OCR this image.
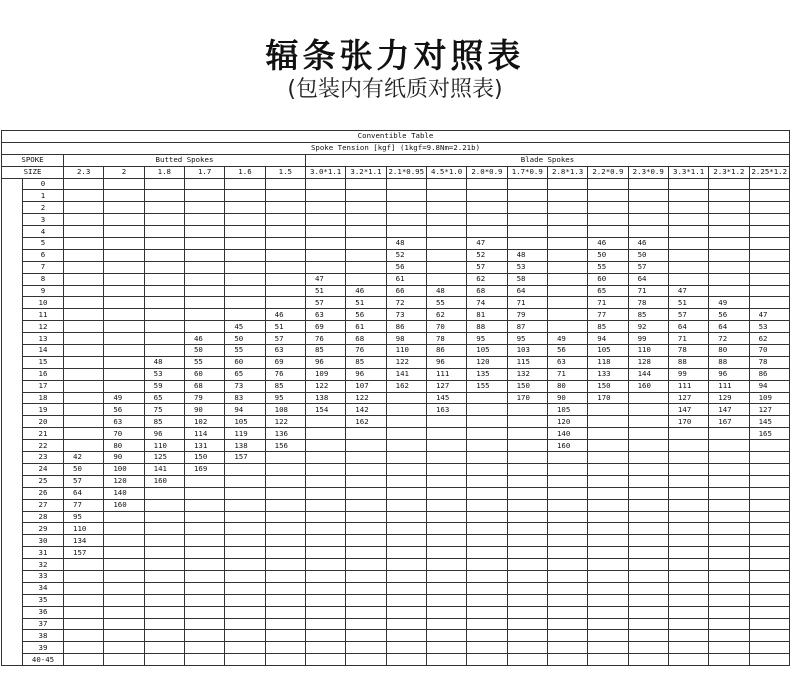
辐条张力对照表
(包装内有纸质对照表)
Conventible Table																			
Spoke Tension [kgf] (1kgf=9.8Nm=2.21b)																			
SPOKE		Butted Spokes						Blade Spokes											
SIZE		2.3	2	1.8	1.7	1.6	1.5	3.0*1.1	3.2*1.1	2.1*0.95	4.5*1.0	2.0*0.9	1.7*0.9	2.8*1.3	2.2*0.9	2.3*0.9	3.3*1.1	2.3*1.2	2.25*1.2
	0																		
	1																		
	2																		
	3																		
	4																		
	5									48		47			46	46			
	6									52		52	48		50	50			
	7									56		57	53		55	57			
	8							47		61		62	58		60	64			
	9							51	46	66	48	68	64		65	71	47		
	10							57	51	72	55	74	71		71	78	51	49	
	11						46	63	56	73	62	81	79		77	85	57	56	47
	12					45	51	69	61	86	70	88	87		85	92	64	64	53
	13				46	50	57	76	68	98	78	95	95	49	94	99	71	72	62
	14				50	55	63	85	76	110	86	105	103	56	105	110	78	80	70
	15			48	55	60	69	96	85	122	96	120	115	63	118	128	88	88	78
	16			53	60	65	76	109	96	141	111	135	132	71	133	144	99	96	86
	17			59	68	73	85	122	107	162	127	155	150	80	150	160	111	111	94
	18		49	65	79	83	95	138	122		145		170	90	170		127	129	109
	19		56	75	90	94	108	154	142		163			105			147	147	127
	20		63	85	102	105	122		162					120			170	167	145
	21		70	96	114	119	136							140					165
	22		80	110	131	138	156							160					
	23	42	90	125	150	157													
	24	50	100	141	169														
	25	57	120	160															
	26	64	140																
	27	77	160																
	28	95																	
	29	110																	
	30	134																	
	31	157																	
	32																		
	33																		
	34																		
	35																		
	36																		
	37																		
	38																		
	39																		
	40-45																		
